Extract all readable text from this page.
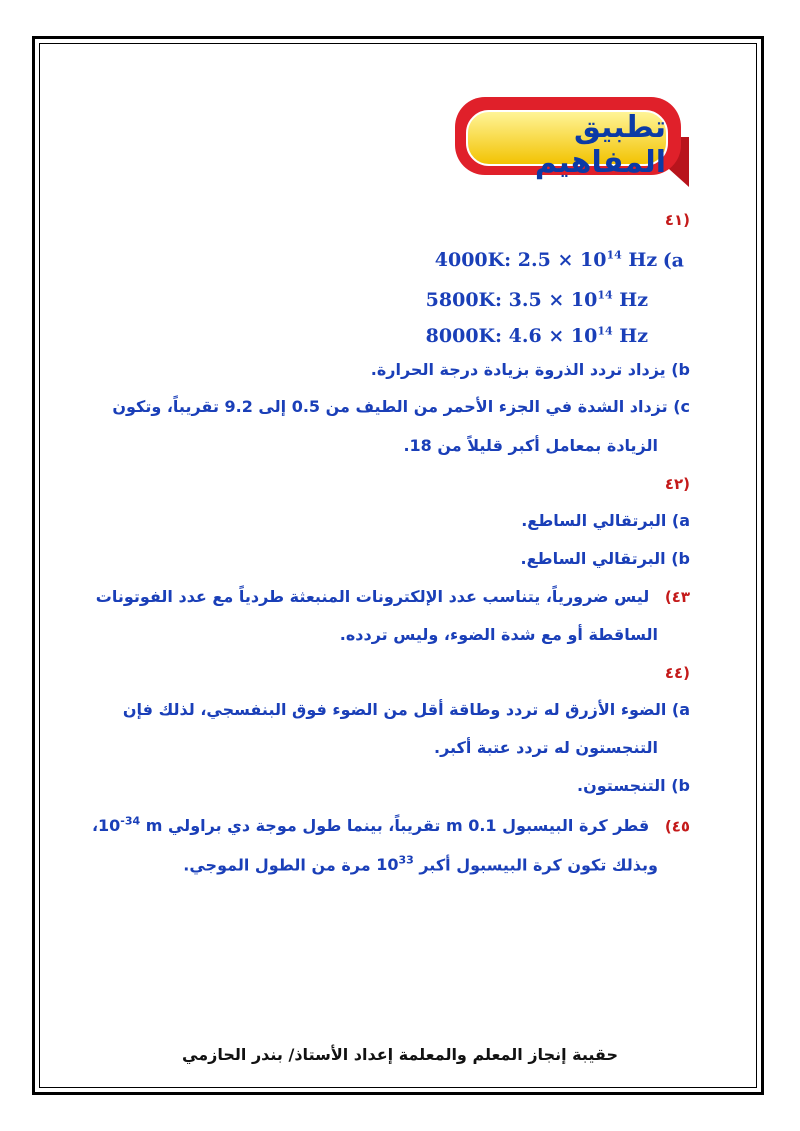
تطبيق المفاهيم
(٤١
(a 4000K: $2.5 \times 10^{14}$ Hz
5800K: $3.5 \times 10^{14}$ Hz
8000K: $4.6 \times 10^{14}$ Hz
b) يزداد تردد الذروة بزيادة درجة الحرارة.
c) تزداد الشدة في الجزء الأحمر من الطيف من 0.5 إلى 9.2 تقريباً، وتكون
الزيادة بمعامل أكبر قليلاً من 18.
(٤٢
a) البرتقالي الساطع.
b) البرتقالي الساطع.
٤٣) ليس ضرورياً، يتناسب عدد الإلكترونات المنبعثة طردياً مع عدد الفوتونات
الساقطة أو مع شدة الضوء، وليس تردده.
(٤٤
a) الضوء الأزرق له تردد وطاقة أقل من الضوء فوق البنفسجي، لذلك فإن
التنجستون له تردد عتبة أكبر.
b) التنجستون.
٤٥) قطر كرة البيسبول 0.1 m تقريباً، بينما طول موجة دي براولي m $10^{-34}،$
وبذلك تكون كرة البيسبول أكبر $10^{33}$ مرة من الطول الموجي.
حقيبة إنجاز المعلم والمعلمة إعداد الأستاذ/ بندر الحازمي
